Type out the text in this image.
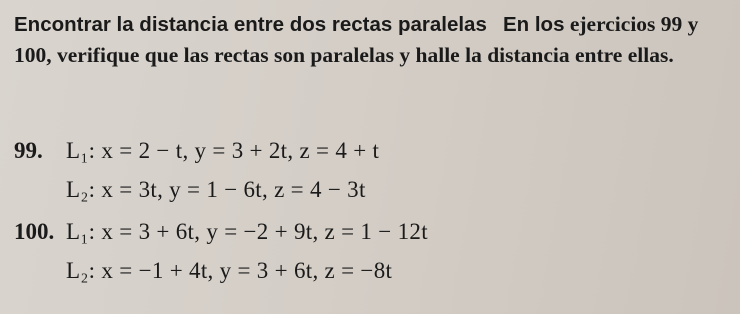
Encontrar la distancia entre dos rectas paralelas En los ejercicios 99 y 100, verifique que las rectas son paralelas y halle la distancia entre ellas.

99. L₁: x = 2 − t, y = 3 + 2t, z = 4 + t

L₂: x = 3t, y = 1 − 6t, z = 4 − 3t

100. L₁: x = 3 + 6t, y = −2 + 9t, z = 1 − 12t

L₂: x = −1 + 4t, y = 3 + 6t, z = −8t
